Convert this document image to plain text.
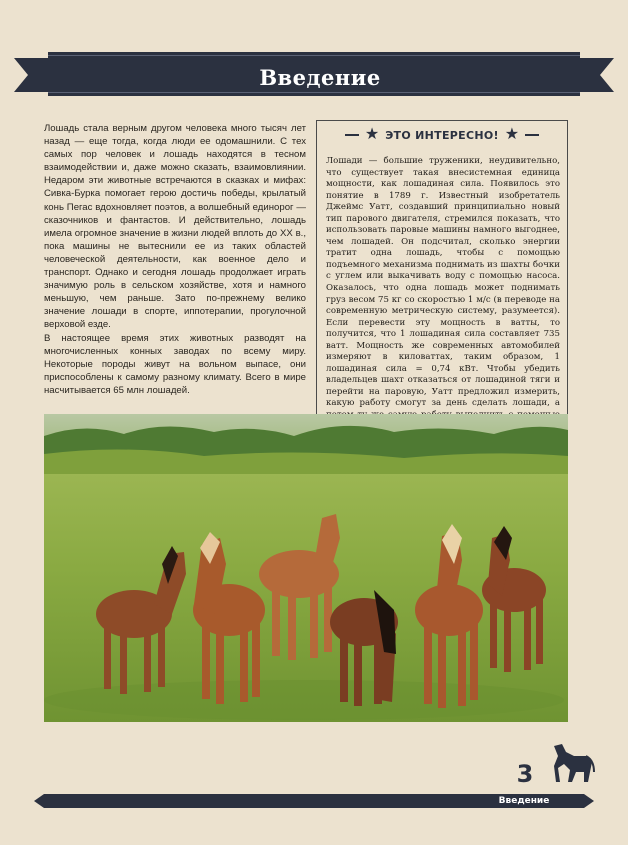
Введение

Лошадь стала верным другом человека много тысяч лет назад — еще тогда, когда люди ее одомашнили. С тех самых пор человек и лошадь находятся в тесном взаимодействии и, даже можно сказать, взаимовлиянии. Недаром эти животные встречаются в сказках и мифах: Сивка-Бурка помогает герою достичь победы, крылатый конь Пегас вдохновляет поэтов, а волшебный единорог — сказочников и фантастов. И действительно, лошадь имела огромное значение в жизни людей вплоть до XX в., пока машины не вытеснили ее из таких областей человеческой деятельности, как военное дело и транспорт. Однако и сегодня лошадь продолжает играть значимую роль в сельском хозяйстве, хотя и намного меньшую, чем раньше. Зато по-прежнему велико значение лошади в спорте, иппотерапии, прогулочной верховой езде.

В настоящее время этих животных разводят на многочисленных конных заводах по всему миру. Некоторые породы живут на вольном выпасе, они приспособлены к самому разному климату. Всего в мире насчитывается 65 млн лошадей.

★ ЭТО ИНТЕРЕСНО! ★
Лошади — большие труженики, неудивительно, что существует такая внесистемная единица мощности, как лошадиная сила. Появилось это понятие в 1789 г. Известный изобретатель Джеймс Уатт, создавший принципиально новый тип парового двигателя, стремился показать, что использовать паровые машины намного выгоднее, чем лошадей. Он подсчитал, сколько энергии тратит одна лошадь, чтобы с помощью подъемного механизма поднимать из шахты бочки с углем или выкачивать воду с помощью насоса. Оказалось, что одна лошадь может поднимать груз весом 75 кг со скоростью 1 м/с (в переводе на современную метрическую систему, разумеется). Если перевести эту мощность в ватты, то получится, что 1 лошадиная сила составляет 735 ватт. Мощность же современных автомобилей измеряют в киловаттах, таким образом, 1 лошадиная сила = 0,74 кВт. Чтобы убедить владельцев шахт отказаться от лошадиной тяги и перейти на паровую, Уатт предложил измерить, какую работу смогут за день сделать лошади, а
3
Введение
